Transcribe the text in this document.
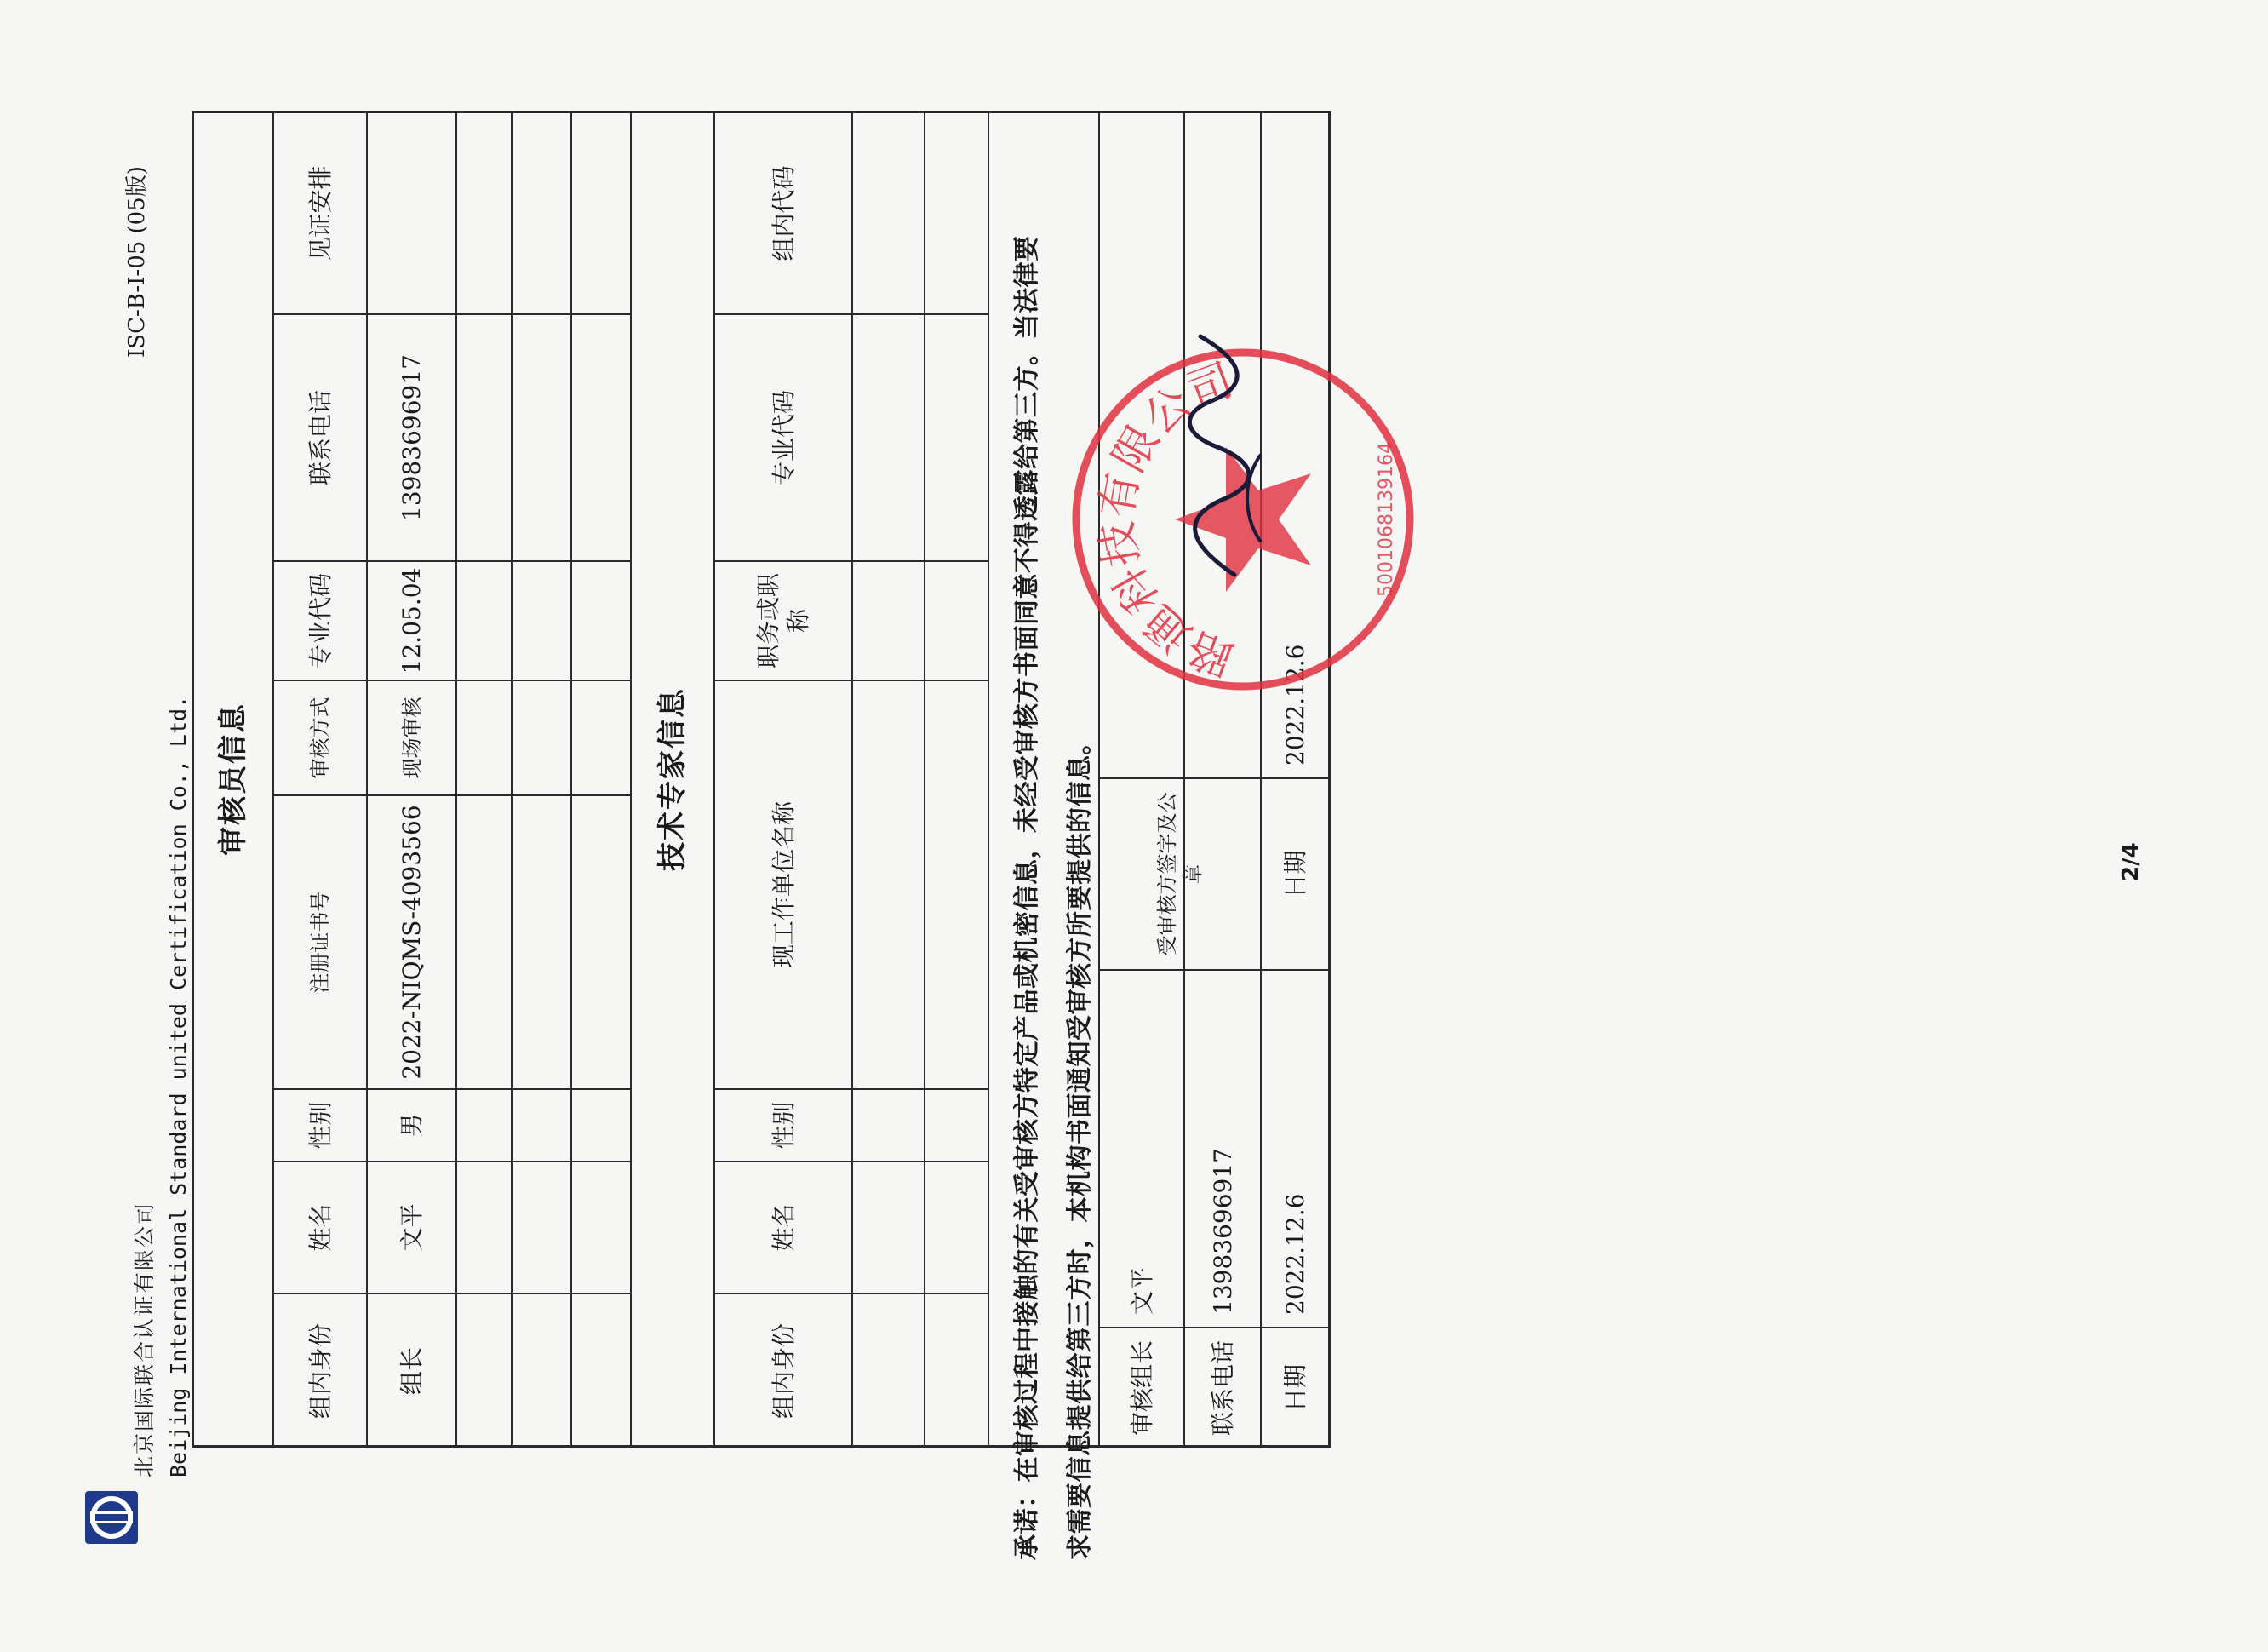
北京国际联合认证有限公司 Beijing International Standard united Certification Co., Ltd.
ISC-B-I-05 (05版)
审核员信息
组内身份
姓名
性别
注册证书号
审核方式
专业代码
联系电话
见证安排
组长
文平
男
2022-NIQMS-4093566
现场审核
12.05.04
13983696917
技术专家信息
组内身份
姓名
性别
现工作单位名称
职务或职称
专业代码
组内代码
承诺：在审核过程中接触的有关受审核方特定产品或机密信息，未经受审核方书面同意不得透露给第三方。当法律要求需要信息提供给第三方时，本机构书面通知受审核方所要提供的信息。	审核组长
文平
联系电话
13983696917
日期
2022.12.6
受审核方签字及公章	日期
2022.12.6
路通科技有限公司
5001068139164
2/4
